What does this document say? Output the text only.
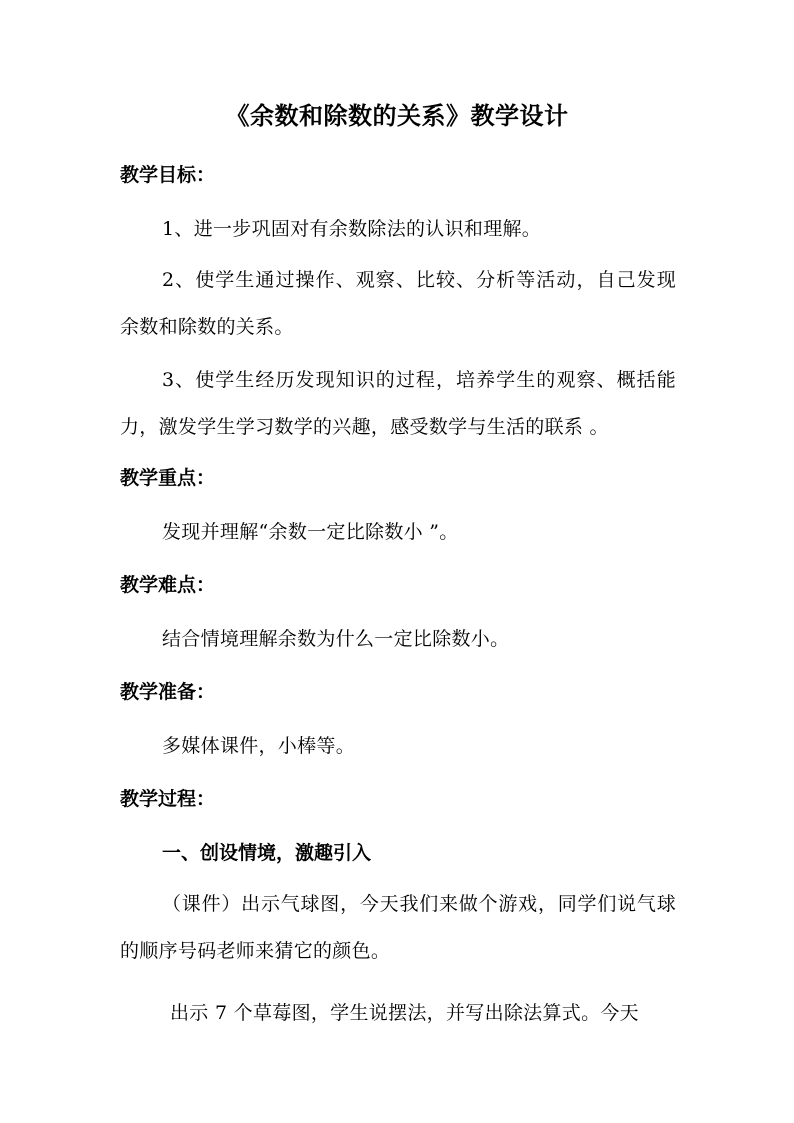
《余数和除数的关系》教学设计
教学目标：
1、进一步巩固对有余数除法的认识和理解。
2、使学生通过操作、观察、比较、分析等活动，自己发现余数和除数的关系。
3、使学生经历发现知识的过程，培养学生的观察、概括能力，激发学生学习数学的兴趣，感受数学与生活的联系 。
教学重点：
发现并理解“余数一定比除数小 ”。
教学难点：
结合情境理解余数为什么一定比除数小。
教学准备：
多媒体课件，小棒等。
教学过程：
一、创设情境，激趣引入
（课件）出示气球图，今天我们来做个游戏，同学们说气球的顺序号码老师来猜它的颜色。
出示 7 个草莓图，学生说摆法，并写出除法算式。今天
